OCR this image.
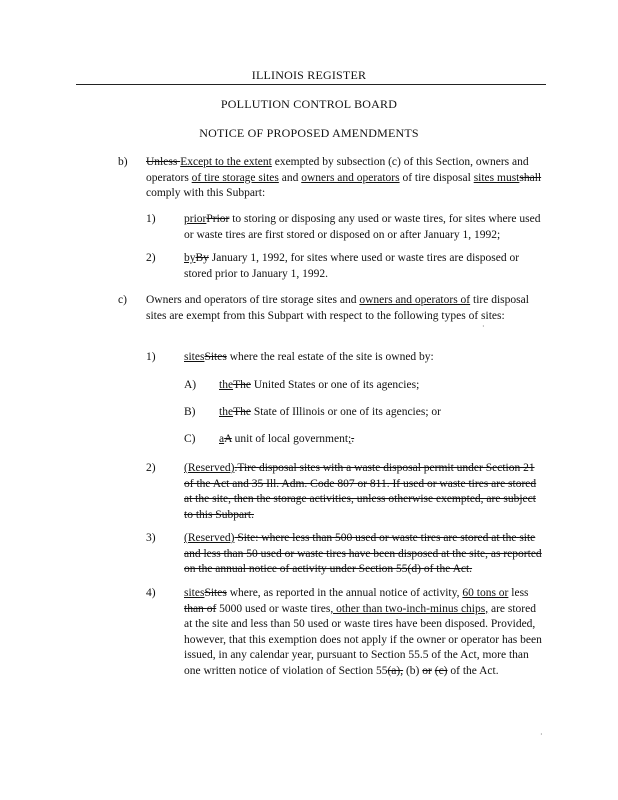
ILLINOIS REGISTER
POLLUTION CONTROL BOARD
NOTICE OF PROPOSED AMENDMENTS
b) Unless Except to the extent exempted by subsection (c) of this Section, owners and operators of tire storage sites and owners and operators of tire disposal sites mustshall comply with this Subpart:
1) priorPrior to storing or disposing any used or waste tires, for sites where used or waste tires are first stored or disposed on or after January 1, 1992;
2) byBy January 1, 1992, for sites where used or waste tires are disposed or stored prior to January 1, 1992.
c) Owners and operators of tire storage sites and owners and operators of tire disposal sites are exempt from this Subpart with respect to the following types of sites:
·
1) sitesSites where the real estate of the site is owned by:
A) theThe United States or one of its agencies;
B) theThe State of Illinois or one of its agencies; or
C) aA unit of local government;.
2) (Reserved).Tire disposal sites with a waste disposal permit under Section 21 of the Act and 35 Ill. Adm. Code 807 or 811. If used or waste tires are stored at the site, then the storage activities, unless otherwise exempted, are subject to this Subpart.
3) (Reserved) Site: where less than 500 used or waste tires are stored at the site and less than 50 used or waste tires have been disposed at the site, as reported on the annual notice of activity under Section 55(d) of the Act.
4) sitesSites where, as reported in the annual notice of activity, 60 tons or less than of 5000 used or waste tires, other than two-inch-minus chips, are stored at the site and less than 50 used or waste tires have been disposed. Provided, however, that this exemption does not apply if the owner or operator has been issued, in any calendar year, pursuant to Section 55.5 of the Act, more than one written notice of violation of Section 55(a), (b) or (c) of the Act.
·
